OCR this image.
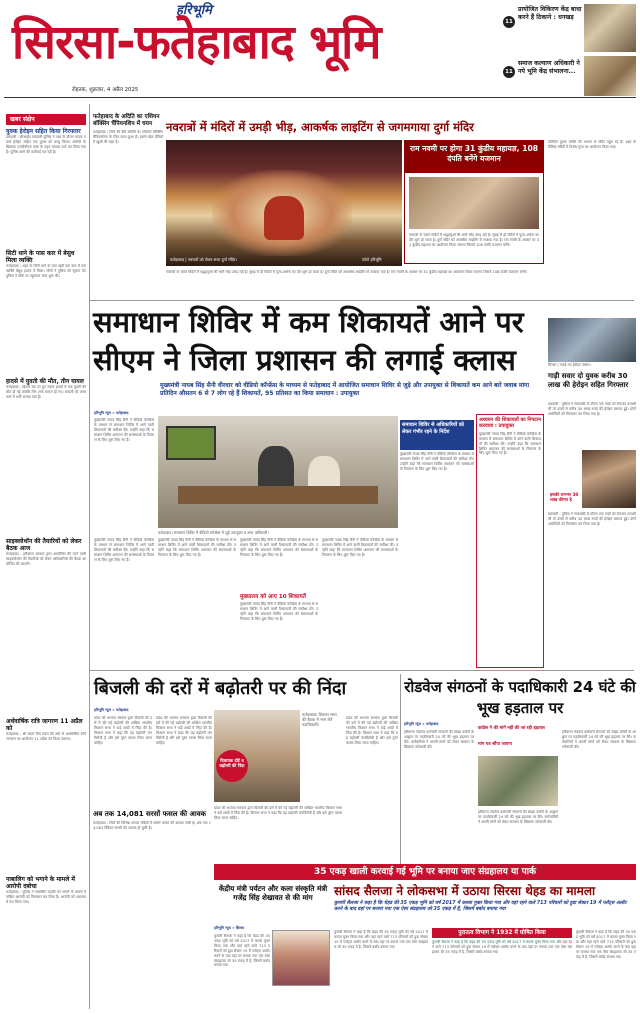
हरिभूमि
सिरसा-फतेहाबाद भूमि
रोहतक, शुक्रवार, 4 अप्रैल 2025
11
प्रायोजित विकिरण केंद्र बाधा करने हैं ठिकाने : धनखड़
11
समाज कल्याण अधिकारी ने नये भूमि केंद्र संभालना...
खबर संक्षेप
युवक हेरोइन सहित किया गिरफ्तार
डबवाली : सीआईए डबवाली पुलिस ने गश्त के दौरान मादक पदार्थ हेरोइन सहित एक युवक को काबू किया। आरोपी के खिलाफ एनडीपीएस एक्ट के तहत मामला दर्ज कर लिया गया है। पुलिस आगे की कार्रवाई कर रही है।
सिटी थाने के पास कार में बेसुध मिला व्यक्ति
फतेहाबाद : शहर के सिटी थाने के पास खड़ी एक कार में एक व्यक्ति बेसुध हालत में मिला। लोगों ने पुलिस को सूचना दी। पुलिस ने मौके पर पहुंचकर जांच शुरू की।
हादसे में युवती की मौत, तीन घायल
फतेहाबाद : हिसार रोड पर हुए सड़क हादसे में एक युवती की मौत हो गई जबकि तीन अन्य घायल हो गए। घायलों को अस्पताल में भर्ती कराया गया है।
साइक्लोथॉन की तैयारियों को लेकर बैठक आज
फतेहाबाद : हरियाणा सरकार द्वारा आयोजित की जाने वाली साइक्लोथॉन की तैयारियों को लेकर अधिकारियों की बैठक आयोजित की जाएगी।
अर्धवार्षिक रात्रि जागरण 11 अप्रैल को
फतेहाबाद : श्री श्याम मित्र मंडल की ओर से अर्धवार्षिक रात्रि जागरण का आयोजन 11 अप्रैल को किया जाएगा।
नाबालिग को भगाने के मामले में आरोपी दबोचा
फतेहाबाद : पुलिस ने नाबालिग लड़की को भगाने के मामले में वांछित आरोपी को गिरफ्तार कर लिया है। आरोपी को अदालत में पेश किया गया।
फतेहाबाद के अदिति का एशियन बॉक्सिंग चैंपियनशिप में चयन
फतेहाबाद : जिले की बेटी अदिति का एशियन बॉक्सिंग चैंपियनशिप के लिए चयन हुआ है। इससे खेल प्रेमियों में खुशी की लहर है।
नवरात्रों में मंदिरों में उमड़ी भीड़, आकर्षक लाइटिंग से जगमगाया दुर्गा मंदिर
फतेहाबाद | नवरात्रों को लेकर सजा दुर्गा मंदिर।	फोटो हरिभूमि
राम नवमी पर होगा 31 कुंडीय महायज्ञ, 108 दंपति बनेंगे यजमान
नवरात्रों के चलते मंदिरों में श्रद्धालुओं की भारी भीड़ उमड़ रही है। सुबह से ही मंदिरों में पूजा-अर्चना का दौर शुरू हो जाता है। दुर्गा मंदिर को आकर्षक लाइटिंग से सजाया गया है। राम नवमी के अवसर पर 31 कुंडीय महायज्ञ का आयोजन किया जाएगा जिसमें 108 दंपति यजमान बनेंगे।
नवरात्रों के चलते मंदिरों में श्रद्धालुओं की भारी भीड़ उमड़ रही है। सुबह से ही मंदिरों में पूजा-अर्चना का दौर शुरू हो जाता है। दुर्गा मंदिर को आकर्षक लाइटिंग से सजाया गया है। राम नवमी के अवसर पर 31 कुंडीय महायज्ञ का आयोजन किया जाएगा जिसमें 108 दंपति यजमान बनेंगे।
प्रतिदिन युवक भक्ति की भावना से मंदिर पहुंच रहे हैं। शहर के विभिन्न मंदिरों में विशेष पूजा का आयोजन किया गया।
सिरसा | पकड़े गए हेरोइन तस्कर।
गाड़ी सवार दो युवक करीब 30 लाख की हेरोइन सहित गिरफ्तार
डबवाली : पुलिस ने नाकाबंदी के दौरान एक गाड़ी को रोककर तलाशी ली तो उसमें से करीब 30 लाख रुपये की हेरोइन बरामद हुई। दोनों आरोपियों को गिरफ्तार कर लिया गया है।
इसकी लगभग 30 लाख कीमत है
डबवाली : पुलिस ने नाकाबंदी के दौरान एक गाड़ी को रोककर तलाशी ली तो उसमें से करीब 30 लाख रुपये की हेरोइन बरामद हुई। दोनों आरोपियों को गिरफ्तार कर लिया गया है।
समाधान शिविर में कम शिकायतें आने पर
सीएम ने जिला प्रशासन की लगाई क्लास
मुख्यमंत्री नायब सिंह सैनी वीरवार को वीडियो कॉन्फ्रेंस के माध्यम से फतेहाबाद में आयोजित समाधान शिविर से जुड़े और उपायुक्त से शिकायतें कम आने बारे जवाब मांगा प्रतिदिन औसतन 6 से 7 लोग रहे हैं शिकायतें, 95 प्रतिशत का किया समाधान : उपायुक्त
हरिभूमि न्यूज » फतेहाबाद
मुख्यमंत्री नायब सिंह सैनी ने वीडियो कॉन्फ्रेंस के माध्यम से समाधान शिविर में आने वाली शिकायतों की समीक्षा की। उन्होंने कहा कि समाधान शिविर आमजन की समस्याओं के निवारण के लिए शुरू किए गए हैं।
फतेहाबाद। समाधान शिविर में वीडियो कॉन्फ्रेंस में जुड़े उपायुक्त व अन्य अधिकारी।
मुख्यमंत्री नायब सिंह सैनी ने वीडियो कॉन्फ्रेंस के माध्यम से समाधान शिविर में आने वाली शिकायतों की समीक्षा की। उन्होंने कहा कि समाधान शिविर आमजन की समस्याओं के निवारण के लिए शुरू किए गए हैं।
मुख्यमंत्री नायब सिंह सैनी ने वीडियो कॉन्फ्रेंस के माध्यम से समाधान शिविर में आने वाली शिकायतों की समीक्षा की। उन्होंने कहा कि समाधान शिविर आमजन की समस्याओं के निवारण के लिए शुरू किए गए हैं।
मुख्यमंत्री नायब सिंह सैनी ने वीडियो कॉन्फ्रेंस के माध्यम से समाधान शिविर में आने वाली शिकायतों की समीक्षा की। उन्होंने कहा कि समाधान शिविर आमजन की समस्याओं के निवारण के लिए शुरू किए गए हैं।
मुख्यालय को आए 10 शिकायतें
मुख्यमंत्री नायब सिंह सैनी ने वीडियो कॉन्फ्रेंस के माध्यम से समाधान शिविर में आने वाली शिकायतों की समीक्षा की। उन्होंने कहा कि समाधान शिविर आमजन की समस्याओं के निवारण के लिए शुरू किए गए हैं।
मुख्यमंत्री नायब सिंह सैनी ने वीडियो कॉन्फ्रेंस के माध्यम से समाधान शिविर में आने वाली शिकायतों की समीक्षा की। उन्होंने कहा कि समाधान शिविर आमजन की समस्याओं के निवारण के लिए शुरू किए गए हैं।
समाधान शिविर से अधिकारियों को लेकर गंभीर रहने के निर्देश
मुख्यमंत्री नायब सिंह सैनी ने वीडियो कॉन्फ्रेंस के माध्यम से समाधान शिविर में आने वाली शिकायतों की समीक्षा की। उन्होंने कहा कि समाधान शिविर आमजन की समस्याओं के निवारण के लिए शुरू किए गए हैं।
अध्ययन की शिकायतों का निपटान करवाया : उपायुक्त
मुख्यमंत्री नायब सिंह सैनी ने वीडियो कॉन्फ्रेंस के माध्यम से समाधान शिविर में आने वाली शिकायतों की समीक्षा की। उन्होंने कहा कि समाधान शिविर आमजन की समस्याओं के निवारण के लिए शुरू किए गए हैं।
बिजली की दरों में बढ़ोतरी पर की निंदा
हरिभूमि न्यूज » फतेहाबाद
प्रदेश की भाजपा सरकार द्वारा बिजली की दरों में की गई बढ़ोतरी की अखिल भारतीय किसान सभा ने कड़े शब्दों में निंदा की है। किसान सभा ने कहा कि यह बढ़ोतरी जनविरोधी है और इसे तुरंत वापस लिया जाना चाहिए।
प्रदेश की भाजपा सरकार द्वारा बिजली की दरों में की गई बढ़ोतरी की अखिल भारतीय किसान सभा ने कड़े शब्दों में निंदा की है। किसान सभा ने कहा कि यह बढ़ोतरी जनविरोधी है और इसे तुरंत वापस लिया जाना चाहिए।
विधायक दोटे व बढ़ोतरी की निंदा
फतेहाबाद। किसान सभा की बैठक में भाग लेते पदाधिकारी।
प्रदेश की भाजपा सरकार द्वारा बिजली की दरों में की गई बढ़ोतरी की अखिल भारतीय किसान सभा ने कड़े शब्दों में निंदा की है। किसान सभा ने कहा कि यह बढ़ोतरी जनविरोधी है और इसे तुरंत वापस लिया जाना चाहिए।
प्रदेश की भाजपा सरकार द्वारा बिजली की दरों में की गई बढ़ोतरी की अखिल भारतीय किसान सभा ने कड़े शब्दों में निंदा की है। किसान सभा ने कहा कि यह बढ़ोतरी जनविरोधी है और इसे तुरंत वापस लिया जाना चाहिए।
रोडवेज संगठनों के पदाधिकारी 24 घंटे की भूख हड़ताल पर
हरिभूमि न्यूज » फतेहाबाद
हरियाणा रोडवेज कर्मचारी संगठनों की सांझा कमेटी के आह्वान पर पदाधिकारी 24 घंटे की भूख हड़ताल पर बैठे। कर्मचारियों ने अपनी मांगों को लेकर सरकार के खिलाफ नारेबाजी की।
कांग्रेस ने की मांगें नहीं की जा रही हड़ताल
मांग पत्र सौंपा जाएगा
हरियाणा रोडवेज कर्मचारी संगठनों की सांझा कमेटी के आह्वान पर पदाधिकारी 24 घंटे की भूख हड़ताल पर बैठे। कर्मचारियों ने अपनी मांगों को लेकर सरकार के खिलाफ नारेबाजी की।
हरियाणा रोडवेज कर्मचारी संगठनों की सांझा कमेटी के आह्वान पर पदाधिकारी 24 घंटे की भूख हड़ताल पर बैठे। कर्मचारियों ने अपनी मांगों को लेकर सरकार के खिलाफ नारेबाजी की।
अब तक 14,081 सरसों फसल की आवक
फतेहाबाद : जिले की विभिन्न अनाज मंडियों में सरसों फसल की आवक जारी है। अब तक 14,081 क्विंटल सरसों की आवक हो चुकी है।
35 एकड़ खाली करवाई गई भूमि पर बनाया जाए संग्रहालय या पार्क
केंद्रीय मंत्री पर्यटन और कला संस्कृति मंत्री गजेंद्र सिंह शेखावत से की मांग
हरिभूमि न्यूज » सिरसा
सांसद सैलजा ने लोकसभा में उठाया सिरसा थेहड का मामला
कुमारी सैलजा ने कहा है कि थेहड की 35 एकड़ भूमि को वर्ष 2017 में कब्जा मुक्त किया गया और वहां रहने वाले 713 परिवारों को हुडा सेक्टर 19 में प्लॉट्स अलॉट करने के बाद वहां पर बनाया गया एक ऐसा संग्रहालय जो 35 एकड़ में है, जिसमें बर्बाद बनाया गया
कुमारी सैलजा ने कहा है कि थेहड की 35 एकड़ भूमि को वर्ष 2017 में कब्जा मुक्त किया गया और वहां रहने वाले 713 परिवारों को हुडा सेक्टर 19 में प्लॉट्स अलॉट करने के बाद वहां पर बनाया गया एक ऐसा संग्रहालय जो 35 एकड़ में है, जिसमें बर्बाद बनाया गया
कुमारी सैलजा ने कहा है कि थेहड की 35 एकड़ भूमि को वर्ष 2017 में कब्जा मुक्त किया गया और वहां रहने वाले 713 परिवारों को हुडा सेक्टर 19 में प्लॉट्स अलॉट करने के बाद वहां पर बनाया गया एक ऐसा संग्रहालय जो 35 एकड़ में है, जिसमें बर्बाद बनाया गया
पुरातत्व विभाग ने 1932 में घोषित किया
कुमारी सैलजा ने कहा है कि थेहड की 35 एकड़ भूमि को वर्ष 2017 में कब्जा मुक्त किया गया और वहां रहने वाले 713 परिवारों को हुडा सेक्टर 19 में प्लॉट्स अलॉट करने के बाद वहां पर बनाया गया एक ऐसा संग्रहालय जो 35 एकड़ में है, जिसमें बर्बाद बनाया गया
कुमारी सैलजा ने कहा है कि थेहड की 35 एकड़ भूमि को वर्ष 2017 में कब्जा मुक्त किया गया और वहां रहने वाले 713 परिवारों को हुडा सेक्टर 19 में प्लॉट्स अलॉट करने के बाद वहां पर बनाया गया एक ऐसा संग्रहालय जो 35 एकड़ में है, जिसमें बर्बाद बनाया गया
